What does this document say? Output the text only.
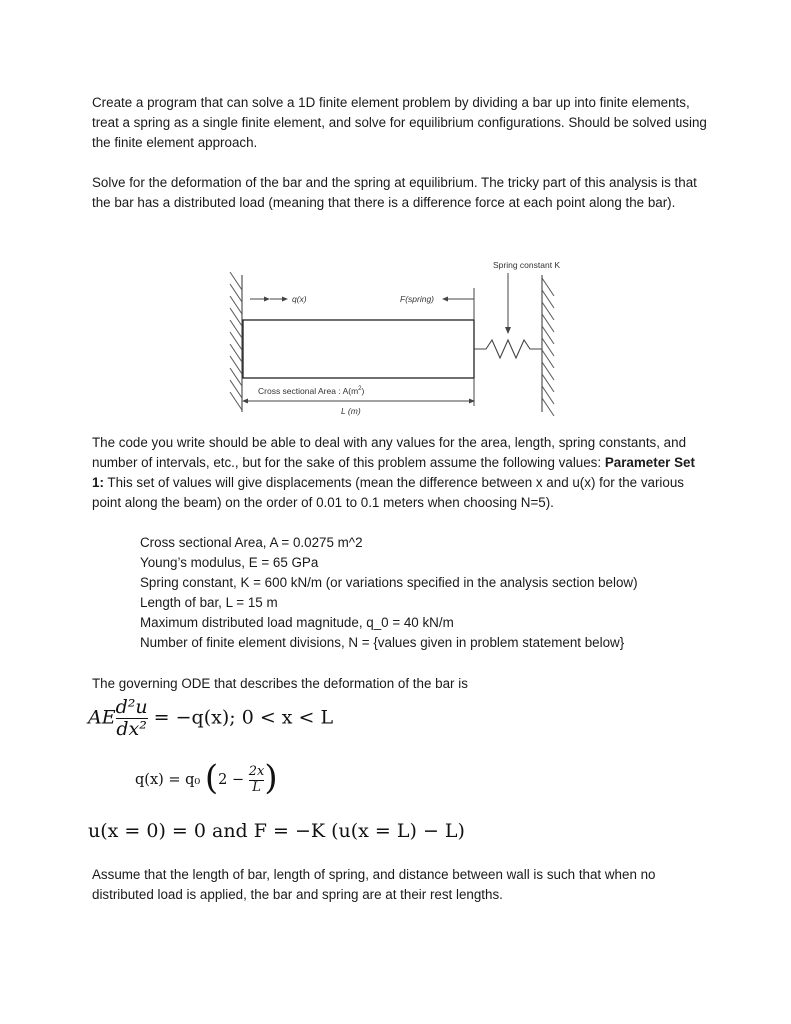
Create a program that can solve a 1D finite element problem by dividing a bar up into finite elements, treat a spring as a single finite element, and solve for equilibrium configurations. Should be solved using the finite element approach.

Solve for the deformation of the bar and the spring at equilibrium. The tricky part of this analysis is that the bar has a distributed load (meaning that there is a difference force at each point along the bar).

Spring constant K
q(x)	F(spring)
Cross sectional Area : $A(m^2)$
L (m)

The code you write should be able to deal with any values for the area, length, spring constants, and number of intervals, etc., but for the sake of this problem assume the following values: Parameter Set 1: This set of values will give displacements (mean the difference between x and u(x) for the various point along the beam) on the order of 0.01 to 0.1 meters when choosing N=5).

Cross sectional Area, A = 0.0275 m^2
Young’s modulus, E = 65 GPa
Spring constant, K = 600 kN/m (or variations specified in the analysis section below)
Length of bar, L = 15 m
Maximum distributed load magnitude, q_0 = 40 kN/m
Number of finite element divisions, N = {values given in problem statement below}

The governing ODE that describes the deformation of the bar is

AE $\frac{\text{d²u}}{\text{dx²}} = -q(x)$; 0 < x < L
q(x) = q₀ ($2 - \frac{2x}{L}$ )
u(x = 0) = 0 and F = −K (u(x = L) − L)

Assume that the length of bar, length of spring, and distance between wall is such that when no distributed load is applied, the bar and spring are at their rest lengths.
